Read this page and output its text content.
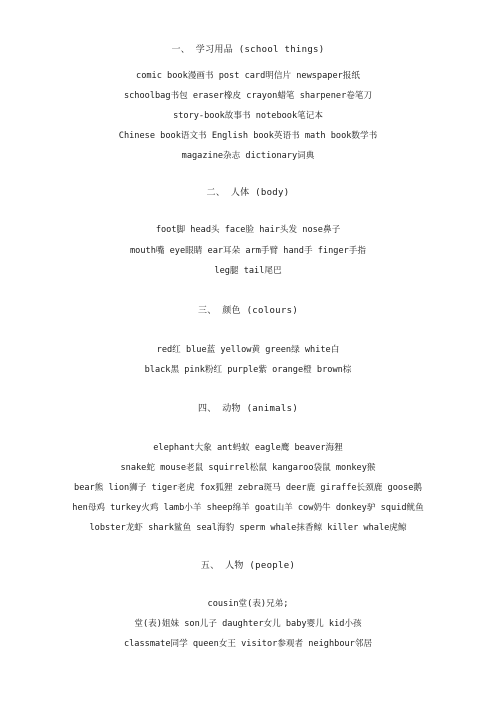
一、 学习用品 (school things)
comic book漫画书 post card明信片 newspaper报纸
schoolbag书包 eraser橡皮 crayon蜡笔 sharpener卷笔刀
story-book故事书 notebook笔记本
Chinese book语文书 English book英语书 math book数学书
magazine杂志 dictionary词典
二、 人体 (body)
foot脚 head头 face脸 hair头发 nose鼻子
mouth嘴 eye眼睛 ear耳朵 arm手臂 hand手 finger手指
leg腿 tail尾巴
三、 颜色 (colours)
red红 blue蓝 yellow黄 green绿 white白
black黑 pink粉红 purple紫 orange橙 brown棕
四、 动物 (animals)
elephant大象 ant蚂蚁 eagle鹰 beaver海狸
snake蛇 mouse老鼠 squirrel松鼠 kangaroo袋鼠 monkey猴
bear熊 lion狮子 tiger老虎 fox狐狸 zebra斑马 deer鹿 giraffe长颈鹿 goose鹅
hen母鸡 turkey火鸡 lamb小羊 sheep绵羊 goat山羊 cow奶牛 donkey驴 squid鱿鱼
lobster龙虾 shark鲨鱼 seal海豹 sperm whale抹香鲸 killer whale虎鲸
五、 人物 (people)
cousin堂(表)兄弟;
堂(表)姐妹 son儿子 daughter女儿 baby婴儿 kid小孩
classmate同学 queen女王 visitor参观者 neighbour邻居
